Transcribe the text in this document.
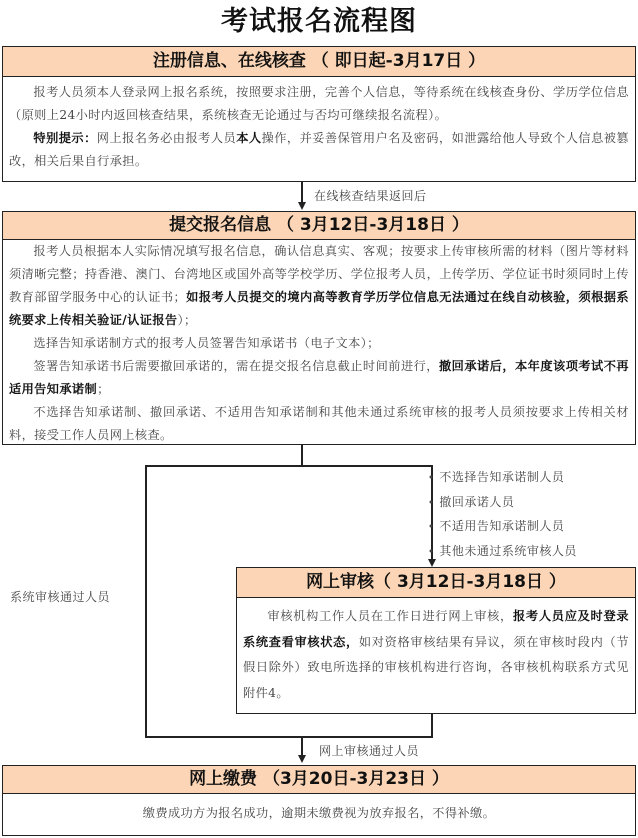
考试报名流程图
注册信息、在线核查 （ 即日起-3月17日 ）

报考人员须本人登录网上报名系统，按照要求注册，完善个人信息，等待系统在线核查身份、学历学位信息（原则上24小时内返回核查结果，系统核查无论通过与否均可继续报名流程）。

特别提示：网上报名务必由报考人员本人操作，并妥善保管用户名及密码，如泄露给他人导致个人信息被篡改，相关后果自行承担。

在线核查结果返回后
提交报名信息 （ 3月12日-3月18日 ）

报考人员根据本人实际情况填写报名信息，确认信息真实、客观；按要求上传审核所需的材料（图片等材料须清晰完整；持香港、澳门、台湾地区或国外高等学校学历、学位报考人员，上传学历、学位证书时须同时上传教育部留学服务中心的认证书；如报考人员提交的境内高等教育学历学位信息无法通过在线自动核验，须根据系统要求上传相关验证/认证报告）；

选择告知承诺制方式的报考人员签署告知承诺书（电子文本）；

签署告知承诺书后需要撤回承诺的，需在提交报名信息截止时间前进行，撤回承诺后，本年度该项考试不再适用告知承诺制；

不选择告知承诺制、撤回承诺、不适用告知承诺制和其他未通过系统审核的报考人员须按要求上传相关材料，接受工作人员网上核查。

• 不选择告知承诺制人员
• 撤回承诺人员
• 不适用告知承诺制人员
• 其他未通过系统审核人员
系统审核通过人员
网上审核（ 3月12日-3月18日 ）

审核机构工作人员在工作日进行网上审核，报考人员应及时登录系统查看审核状态，如对资格审核结果有异议，须在审核时段内（节假日除外）致电所选择的审核机构进行咨询，各审核机构联系方式见附件4。

网上审核通过人员
网上缴费 （3月20日-3月23日 ）

缴费成功方为报名成功，逾期未缴费视为放弃报名，不得补缴。
